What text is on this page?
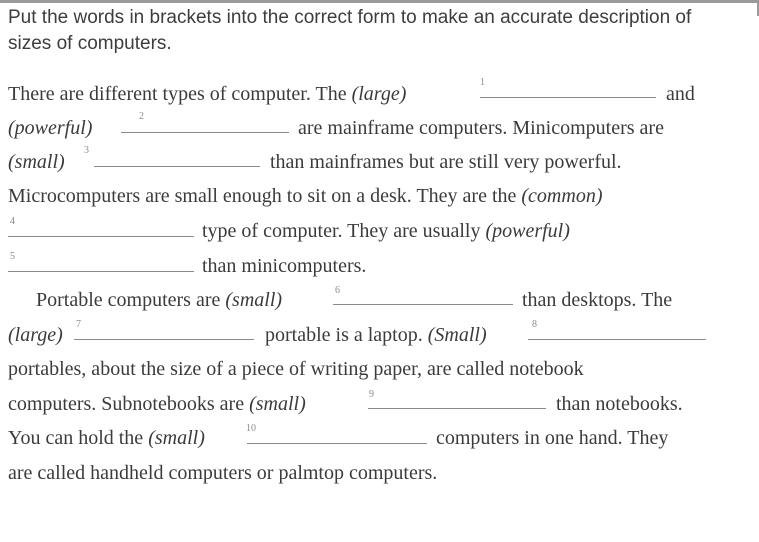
Put the words in brackets into the correct form to make an accurate description of sizes of computers.

There are different types of computer. The (large)
1
and
(powerful)
2
are mainframe computers. Minicomputers are
(small)
3
than mainframes but are still very powerful.
Microcomputers are small enough to sit on a desk. They are the (common)
4	type of computer. They are usually (powerful)
5	than minicomputers.
Portable computers are (small)	6	than desktops. The
(large) 7	portable is a laptop. (Small)	8
portables, about the size of a piece of writing paper, are called notebook
computers. Subnotebooks are (small)	9	than notebooks.
You can hold the (small)	10	computers in one hand. They
are called handheld computers or palmtop computers.
